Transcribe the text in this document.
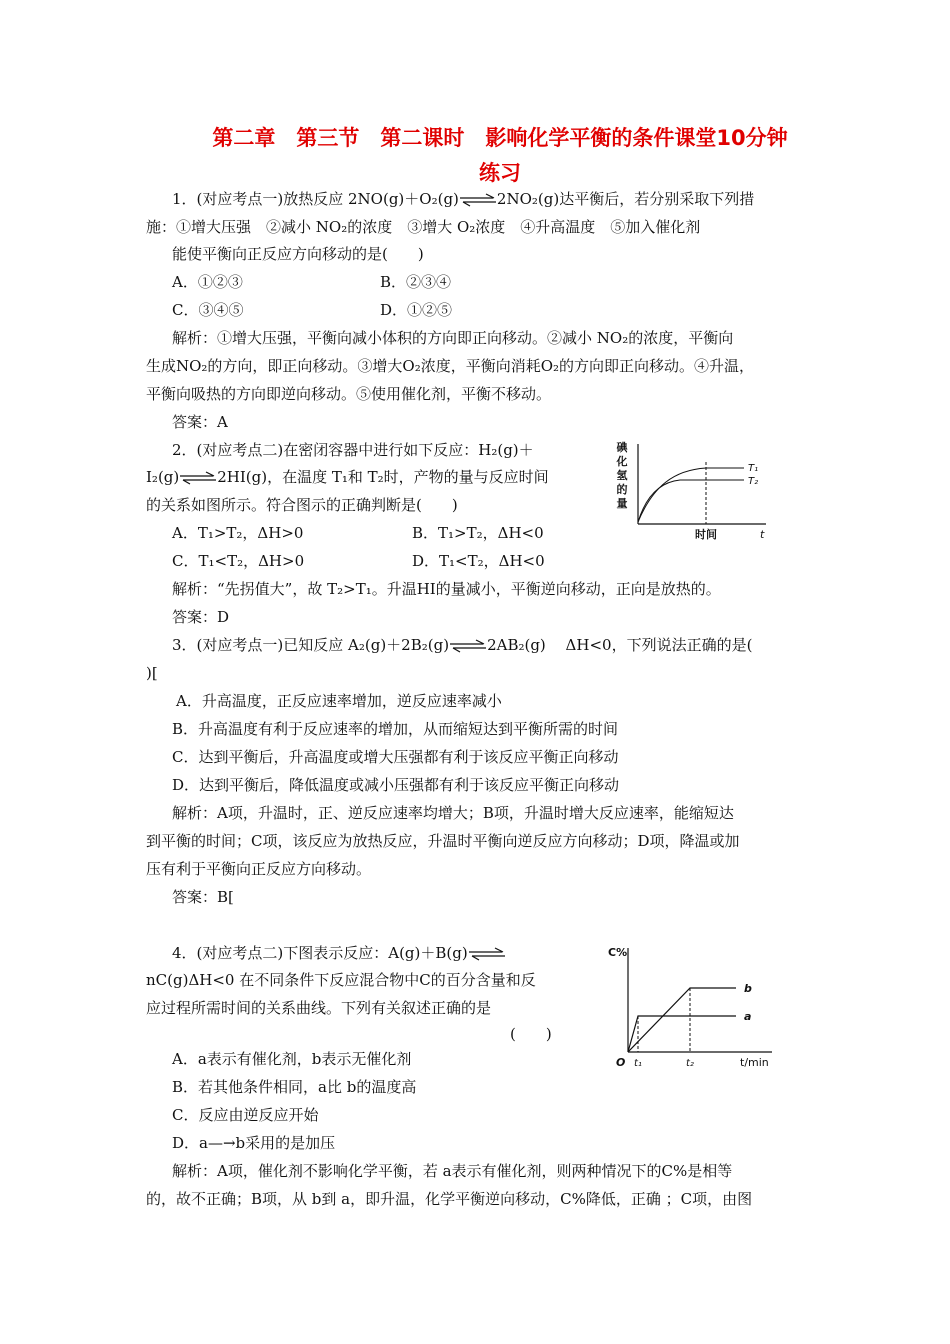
第二章　第三节　第二课时　影响化学平衡的条件课堂10分钟
练习
1．(对应考点一)放热反应 2NO(g)＋O₂(g)⇌2NO₂(g)达平衡后，若分别采取下列措
施：①增大压强　②减小 NO₂的浓度　③增大 O₂浓度　④升高温度　⑤加入催化剂
能使平衡向正反应方向移动的是(　　)
A．①②③	B．②③④
C．③④⑤	D．①②⑤
解析：①增大压强，平衡向减小体积的方向即正向移动。②减小 NO₂的浓度，平衡向
生成NO₂的方向，即正向移动。③增大O₂浓度，平衡向消耗O₂的方向即正向移动。④升温，
平衡向吸热的方向即逆向移动。⑤使用催化剂，平衡不移动。
答案：A
2．(对应考点二)在密闭容器中进行如下反应：H₂(g)＋
I₂(g)⇌2HI(g)，在温度 T₁和 T₂时，产物的量与反应时间
的关系如图所示。符合图示的正确判断是(　　)
A．T₁>T₂，ΔH>0	B．T₁>T₂，ΔH<0
C．T₁<T₂，ΔH>0	D．T₁<T₂，ΔH<0
解析：“先拐值大”，故 T₂>T₁。升温HI的量减小，平衡逆向移动，正向是放热的。
答案：D
碘
化
氢
的
量
T₁
T₂
时间	t
3．(对应考点一)已知反应 A₂(g)＋2B₂(g)⇌2AB₂(g)　 ΔH<0，下列说法正确的是(
)[
A．升高温度，正反应速率增加，逆反应速率减小
B．升高温度有利于反应速率的增加，从而缩短达到平衡所需的时间
C．达到平衡后，升高温度或增大压强都有利于该反应平衡正向移动
D．达到平衡后，降低温度或减小压强都有利于该反应平衡正向移动
解析：A项，升温时，正、逆反应速率均增大；B项，升温时增大反应速率，能缩短达
到平衡的时间；C项，该反应为放热反应，升温时平衡向逆反应方向移动；D项，降温或加
压有利于平衡向正反应方向移动。
答案：B[
4．(对应考点二)下图表示反应：A(g)＋B(g)⇌
nC(g)ΔH<0 在不同条件下反应混合物中C的百分含量和反
应过程所需时间的关系曲线。下列有关叙述正确的是
(　　)
A．a表示有催化剂，b表示无催化剂
B．若其他条件相同，a比 b的温度高
C．反应由逆反应开始
D．a—→b采用的是加压
解析：A项，催化剂不影响化学平衡，若 a表示有催化剂，则两种情况下的C%是相等
的，故不正确；B项，从 b到 a，即升温，化学平衡逆向移动，C%降低，正确 ；C项，由图
C%
b
a
O t₁	t₂	t/min
